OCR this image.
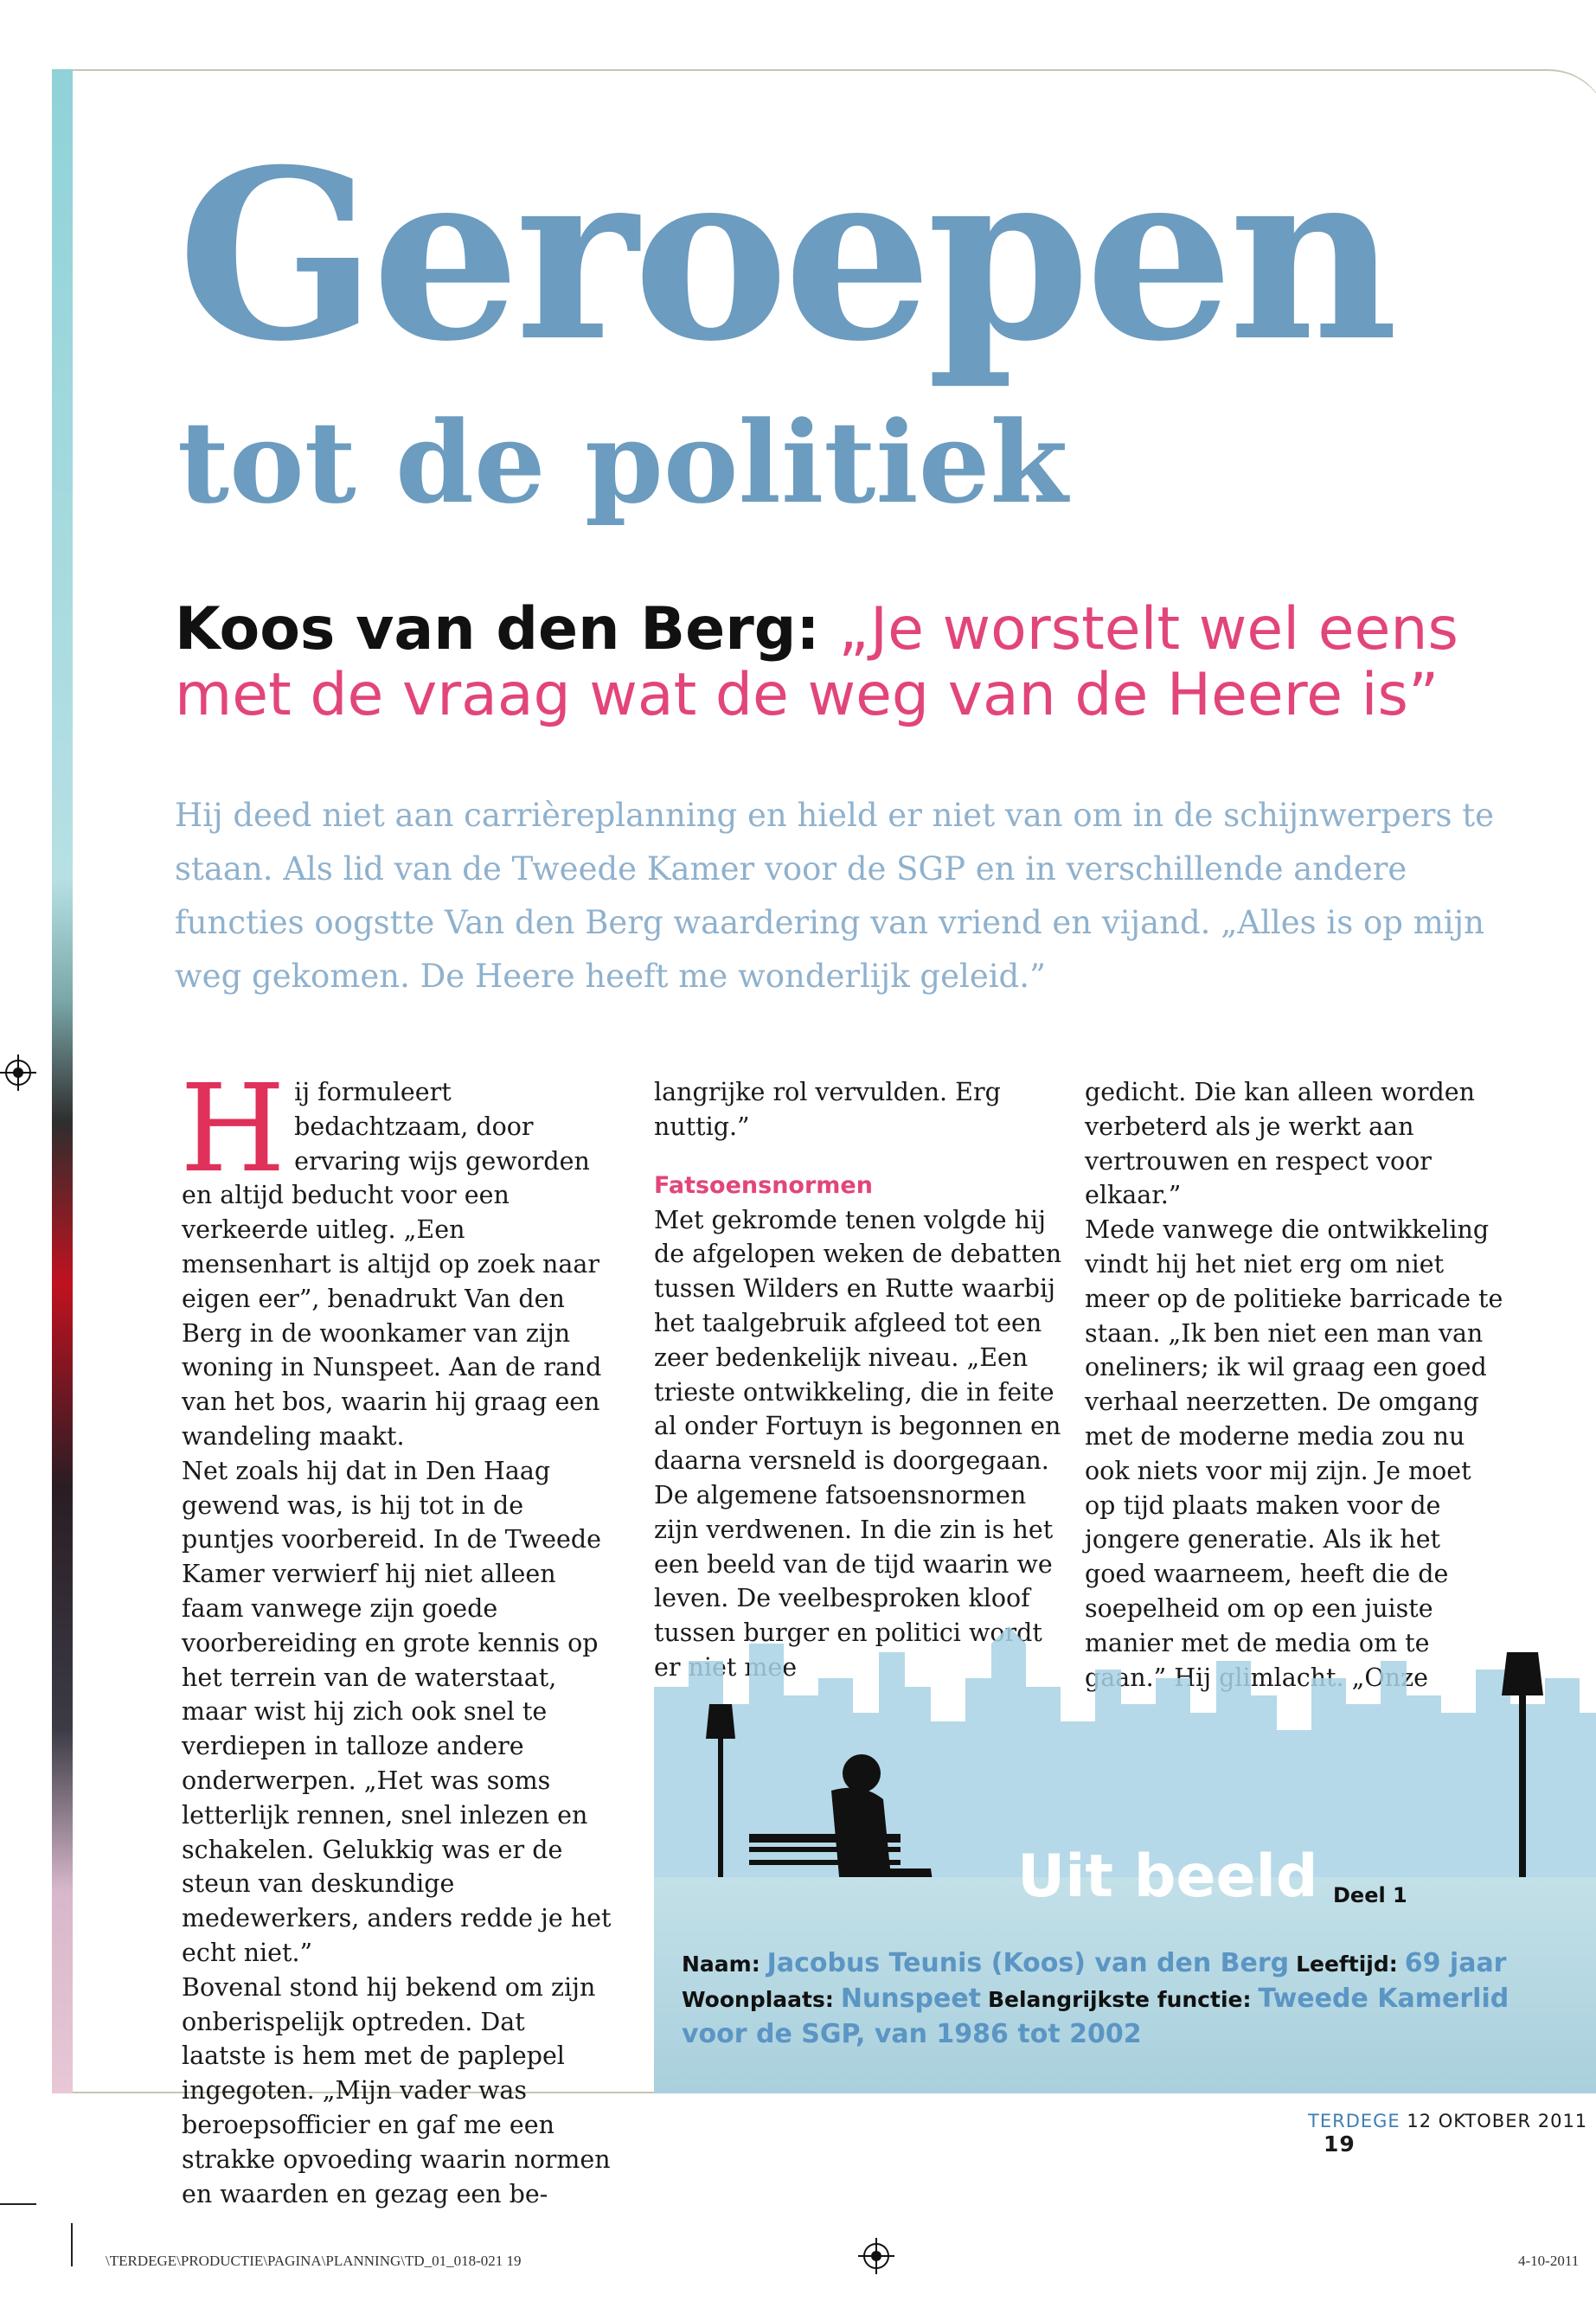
Geroepen
tot de politiek
Koos van den Berg: „Je worstelt wel eens met de vraag wat de weg van de Heere is”

Hij deed niet aan carrièreplanning en hield er niet van om in de schijnwerpers te staan. Als lid van de Tweede Kamer voor de SGP en in verschillende andere functies oogstte Van den Berg waardering van vriend en vijand. „Alles is op mijn weg gekomen. De Heere heeft me wonderlijk geleid.”

H ij formuleert bedachtzaam, door ervaring wijs geworden en altijd beducht voor een verkeerde uitleg. „Een mensenhart is altijd op zoek naar eigen eer”, benadrukt Van den Berg in de woonkamer van zijn woning in Nunspeet. Aan de rand van het bos, waarin hij graag een wandeling maakt.

Net zoals hij dat in Den Haag gewend was, is hij tot in de puntjes voorbereid. In de Tweede Kamer verwierf hij niet alleen faam vanwege zijn goede voorbereiding en grote kennis op het terrein van de waterstaat, maar wist hij zich ook snel te verdiepen in talloze andere onderwerpen. „Het was soms letterlijk rennen, snel inlezen en schakelen. Gelukkig was er de steun van deskundige medewerkers, anders redde je het echt niet.”

Bovenal stond hij bekend om zijn onberispelijk optreden. Dat laatste is hem met de paplepel ingegoten. „Mijn vader was beroepsofficier en gaf me een strakke opvoeding waarin normen en waarden en gezag een be-

langrijke rol vervulden. Erg nuttig.”

Fatsoensnormen

Met gekromde tenen volgde hij de afgelopen weken de debatten tussen Wilders en Rutte waarbij het taalgebruik afgleed tot een zeer bedenkelijk niveau. „Een trieste ontwikkeling, die in feite al onder Fortuyn is begonnen en daarna versneld is doorgegaan. De algemene fatsoensnormen zijn verdwenen. In die zin is het een beeld van de tijd waarin we leven. De veelbesproken kloof tussen burger en politici wordt er niet mee

gedicht. Die kan alleen worden verbeterd als je werkt aan vertrouwen en respect voor elkaar.”

Mede vanwege die ontwikkeling vindt hij het niet erg om niet meer op de politieke barricade te staan. „Ik ben niet een man van oneliners; ik wil graag een goed verhaal neerzetten. De omgang met de moderne media zou nu ook niets voor mij zijn. Je moet op tijd plaats maken voor de jongere generatie. Als ik het goed waarneem, heeft die de soepelheid om op een juiste manier met de media om te gaan.” Hij glimlacht. „Onze

Uit beeld Deel 1
Naam: Jacobus Teunis (Koos) van den Berg Leeftijd: 69 jaar
Woonplaats: Nunspeet Belangrijkste functie: Tweede Kamerlid voor de SGP, van 1986 tot 2002
TERDEGE 12 OKTOBER 2011 19
\TERDEGE\PRODUCTIE\PAGINA\PLANNING\TD_01_018-021 19	4-10-2011
